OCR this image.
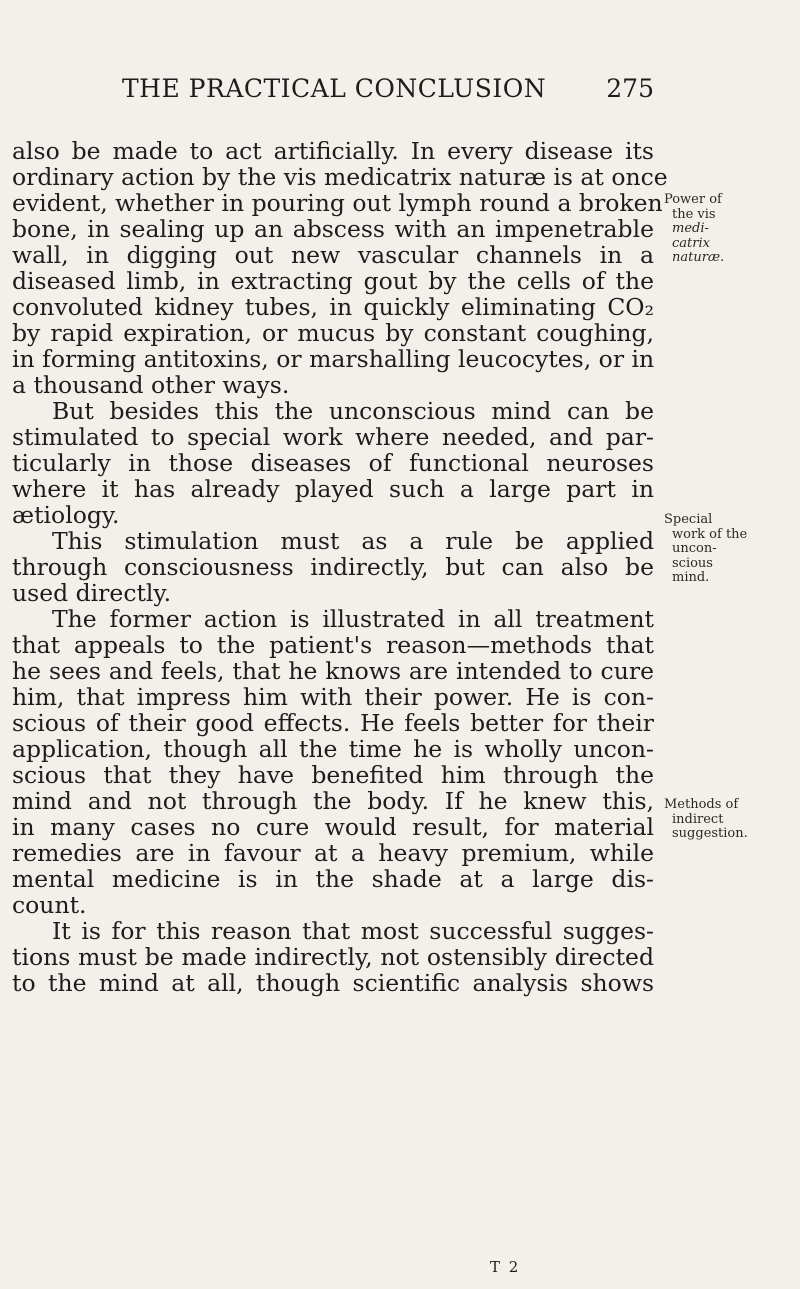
THE PRACTICAL CONCLUSION 275
also be made to act artificially. In every disease its
ordinary action by the vis medicatrix naturæ is at once
evident, whether in pouring out lymph round a broken
bone, in sealing up an abscess with an impenetrable
wall, in digging out new vascular channels in a
diseased limb, in extracting gout by the cells of the
convoluted kidney tubes, in quickly eliminating CO₂
by rapid expiration, or mucus by constant coughing,
in forming antitoxins, or marshalling leucocytes, or in
a thousand other ways.
But besides this the unconscious mind can be
stimulated to special work where needed, and par-
ticularly in those diseases of functional neuroses
where it has already played such a large part in
ætiology.
This stimulation must as a rule be applied
through consciousness indirectly, but can also be
used directly.
The former action is illustrated in all treatment
that appeals to the patient's reason—methods that
he sees and feels, that he knows are intended to cure
him, that impress him with their power. He is con-
scious of their good effects. He feels better for their
application, though all the time he is wholly uncon-
scious that they have benefited him through the
mind and not through the body. If he knew this,
in many cases no cure would result, for material
remedies are in favour at a heavy premium, while
mental medicine is in the shade at a large dis-
count.
It is for this reason that most successful sugges-
tions must be made indirectly, not ostensibly directed
to the mind at all, though scientific analysis shows
Power of
the vis
medi-
catrix
naturæ.
Special
work of the
uncon-
scious
mind.
Methods of
indirect
suggestion.
T 2
